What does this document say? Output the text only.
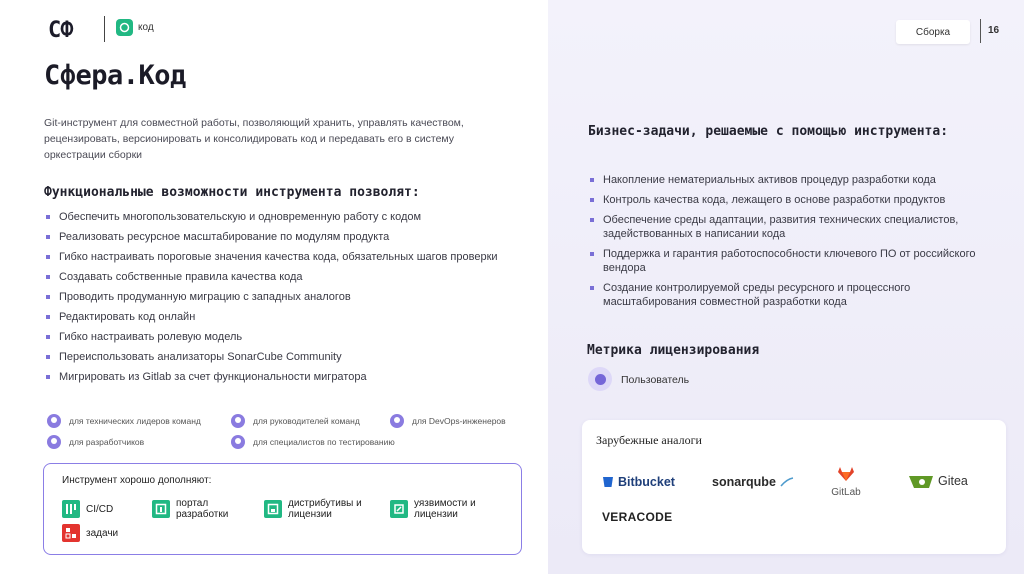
СФ	код	Сборка	16
Сфера.Код
Git-инструмент для совместной работы, позволяющий хранить, управлять качеством, рецензировать, версионировать и консолидировать код и передавать его в систему оркестрации сборки
Функциональные возможности инструмента позволят:
Обеспечить многопользовательскую и одновременную работу с кодом
Реализовать ресурсное масштабирование по модулям продукта
Гибко настраивать пороговые значения качества кода, обязательных шагов проверки
Создавать собственные правила качества кода
Проводить продуманную миграцию с западных аналогов
Редактировать код онлайн
Гибко настраивать ролевую модель
Переиспользовать анализаторы SonarCube Community
Мигрировать из Gitlab за счет функциональности мигратора
для технических лидеров команд	для руководителей команд	для DevOps-инженеров
для разработчиков	для специалистов по тестированию
Инструмент хорошо дополняют:
CI/CD	портал разработки
дистрибутивы и лицензии
уязвимости и лицензии
задачи
Бизнес-задачи, решаемые с помощью инструмента:
Накопление нематериальных активов процедур разработки кода
Контроль качества кода, лежащего в основе разработки продуктов
Обеспечение среды адаптации, развития технических специалистов, задействованных в написании кода
Поддержка и гарантия работоспособности ключевого ПО от российского вендора
Создание контролируемой среды ресурсного и процессного масштабирования совместной разработки кода
Метрика лицензирования
Пользователь
Зарубежные аналоги
Bitbucket	sonarqube
GitLab
Gitea
VERACODE
